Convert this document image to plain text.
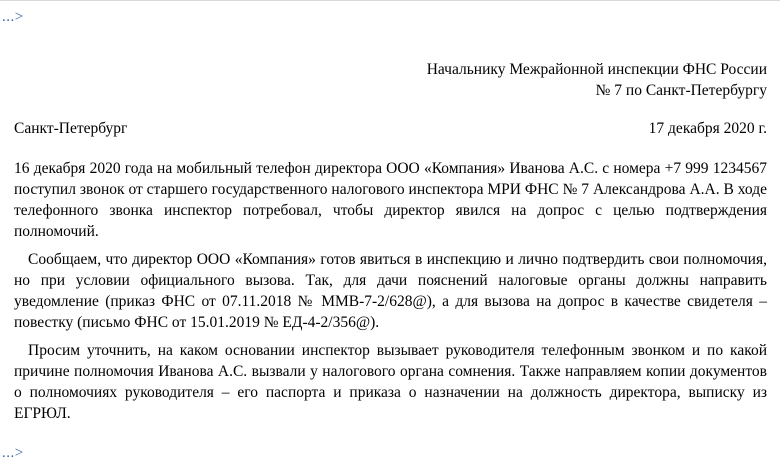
...>
Начальнику Межрайонной инспекции ФНС России
№ 7 по Санкт-Петербургу
Санкт-Петербург	17 декабря 2020 г.

16 декабря 2020 года на мобильный телефон директора ООО «Компания» Иванова А.С. с номера +7 999 1234567 поступил звонок от старшего государственного налогового инспектора МРИ ФНС № 7 Александрова А.А. В ходе телефонного звонка инспектор потребовал, чтобы директор явился на допрос с целью подтверждения полномочий.

Сообщаем, что директор ООО «Компания» готов явиться в инспекцию и лично подтвердить свои полномочия, но при условии официального вызова. Так, для дачи пояснений налоговые органы должны направить уведомление (приказ ФНС от 07.11.2018 № ММВ-7-2/628@), а для вызова на допрос в качестве свидетеля – повестку (письмо ФНС от 15.01.2019 № ЕД-4-2/356@).

Просим уточнить, на каком основании инспектор вызывает руководителя телефонным звонком и по какой причине полномочия Иванова А.С. вызвали у налогового органа сомнения. Также направляем копии документов о полномочиях руководителя – его паспорта и приказа о назначении на должность директора, выписку из ЕГРЮЛ.

...>
